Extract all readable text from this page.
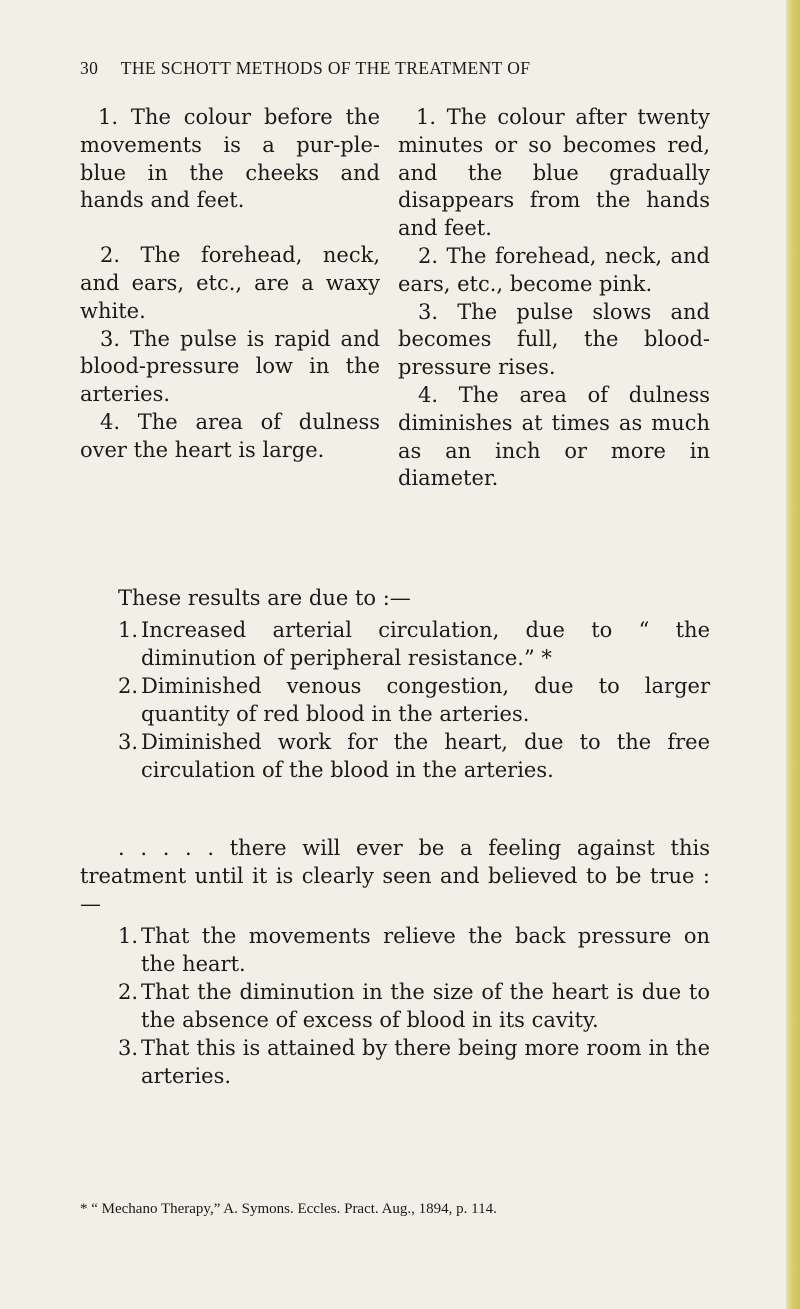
30 THE SCHOTT METHODS OF THE TREATMENT OF

1. The colour before the movements is a pur-ple-blue in the cheeks and hands and feet.

2. The forehead, neck, and ears, etc., are a waxy white.

3. The pulse is rapid and blood-pressure low in the arteries.

4. The area of dulness over the heart is large.

1. The colour after twenty minutes or so becomes red, and the blue gradually disappears from the hands and feet.

2. The forehead, neck, and ears, etc., become pink.

3. The pulse slows and becomes full, the blood-pressure rises.

4. The area of dulness diminishes at times as much as an inch or more in diameter.

These results are due to :—

1. Increased arterial circulation, due to “ the diminution of peripheral resistance.” *
2. Diminished venous congestion, due to larger quantity of red blood in the arteries.
3. Diminished work for the heart, due to the free circulation of the blood in the arteries.

. . . . . there will ever be a feeling against this treatment until it is clearly seen and believed to be true :—

1. That the movements relieve the back pressure on the heart.
2. That the diminution in the size of the heart is due to the absence of excess of blood in its cavity.
3. That this is attained by there being more room in the arteries.
* “ Mechano Therapy,” A. Symons. Eccles. Pract. Aug., 1894, p. 114.
